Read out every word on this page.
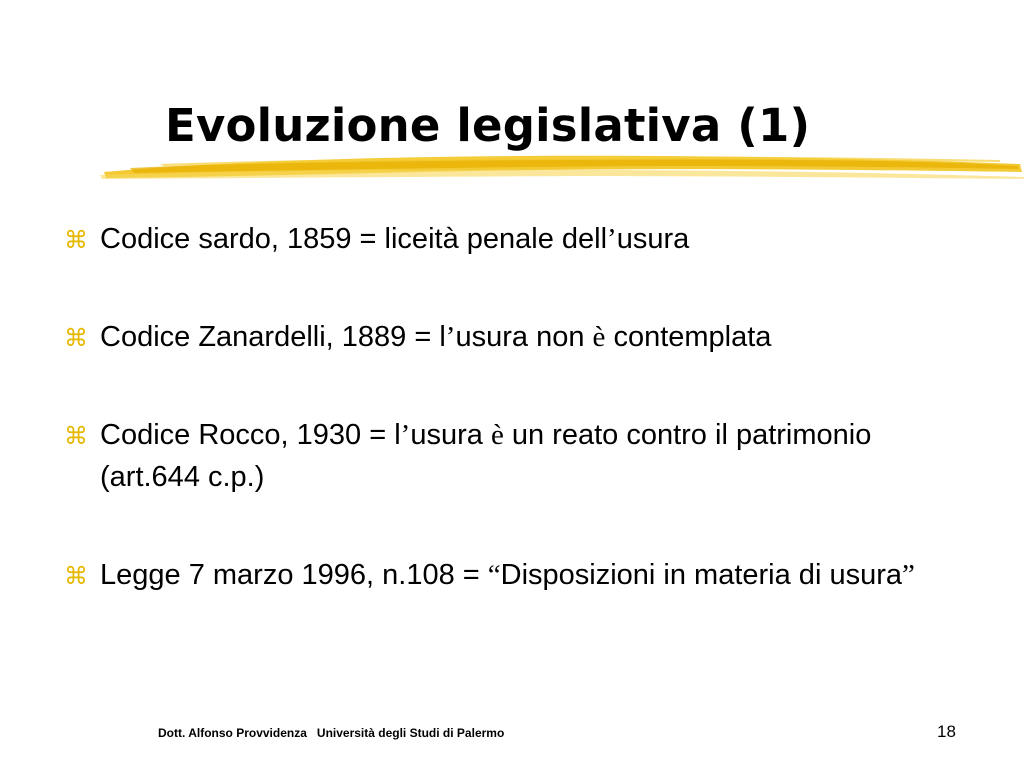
Evoluzione legislativa (1)
⌘ Codice sardo, 1859 = liceità penale dell’usura
⌘ Codice Zanardelli, 1889 = l’usura non è contemplata
⌘ Codice Rocco, 1930 = l’usura è un reato contro il patrimonio (art.644 c.p.)
⌘ Legge 7 marzo 1996, n.108 = “Disposizioni in materia di usura”
Dott. Alfonso Provvidenza Università degli Studi di Palermo	18
